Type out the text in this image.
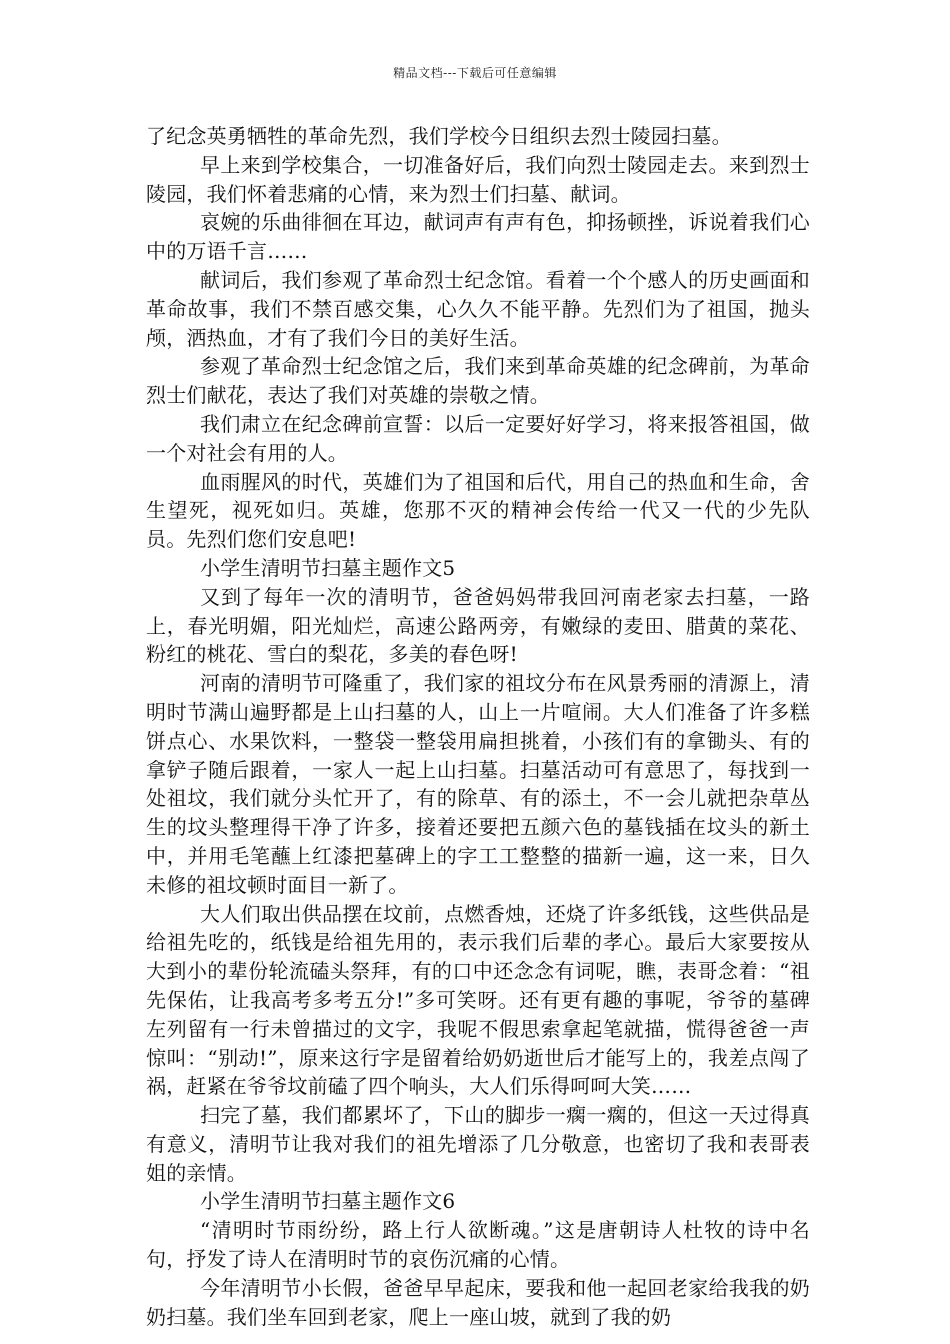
精品文档---下载后可任意编辑

了纪念英勇牺牲的革命先烈，我们学校今日组织去烈士陵园扫墓。

早上来到学校集合，一切准备好后，我们向烈士陵园走去。来到烈士陵园，我们怀着悲痛的心情，来为烈士们扫墓、献词。

哀婉的乐曲徘徊在耳边，献词声有声有色，抑扬顿挫，诉说着我们心中的万语千言……

献词后，我们参观了革命烈士纪念馆。看着一个个感人的历史画面和革命故事，我们不禁百感交集，心久久不能平静。先烈们为了祖国，抛头颅，洒热血，才有了我们今日的美好生活。

参观了革命烈士纪念馆之后，我们来到革命英雄的纪念碑前，为革命烈士们献花，表达了我们对英雄的崇敬之情。

我们肃立在纪念碑前宣誓：以后一定要好好学习，将来报答祖国，做一个对社会有用的人。

血雨腥风的时代，英雄们为了祖国和后代，用自己的热血和生命，舍生望死，视死如归。英雄，您那不灭的精神会传给一代又一代的少先队员。先烈们您们安息吧!

小学生清明节扫墓主题作文5

又到了每年一次的清明节，爸爸妈妈带我回河南老家去扫墓，一路上，春光明媚，阳光灿烂，高速公路两旁，有嫩绿的麦田、腊黄的菜花、粉红的桃花、雪白的梨花，多美的春色呀!

河南的清明节可隆重了，我们家的祖坟分布在风景秀丽的清源上，清明时节满山遍野都是上山扫墓的人，山上一片喧闹。大人们准备了许多糕饼点心、水果饮料，一整袋一整袋用扁担挑着，小孩们有的拿锄头、有的拿铲子随后跟着，一家人一起上山扫墓。扫墓活动可有意思了，每找到一处祖坟，我们就分头忙开了，有的除草、有的添土，不一会儿就把杂草丛生的坟头整理得干净了许多，接着还要把五颜六色的墓钱插在坟头的新土中，并用毛笔蘸上红漆把墓碑上的字工工整整的描新一遍，这一来，日久未修的祖坟顿时面目一新了。

大人们取出供品摆在坟前，点燃香烛，还烧了许多纸钱，这些供品是给祖先吃的，纸钱是给祖先用的，表示我们后辈的孝心。最后大家要按从大到小的辈份轮流磕头祭拜，有的口中还念念有词呢，瞧，表哥念着：“祖先保佑，让我高考多考五分!”多可笑呀。还有更有趣的事呢，爷爷的墓碑左列留有一行未曾描过的文字，我呢不假思索拿起笔就描，慌得爸爸一声惊叫：“别动!”，原来这行字是留着给奶奶逝世后才能写上的，我差点闯了祸，赶紧在爷爷坟前磕了四个响头，大人们乐得呵呵大笑……

扫完了墓，我们都累坏了，下山的脚步一瘸一瘸的，但这一天过得真有意义，清明节让我对我们的祖先增添了几分敬意，也密切了我和表哥表姐的亲情。

小学生清明节扫墓主题作文6

“清明时节雨纷纷，路上行人欲断魂。”这是唐朝诗人杜牧的诗中名句，抒发了诗人在清明时节的哀伤沉痛的心情。

今年清明节小长假，爸爸早早起床，要我和他一起回老家给我我的奶奶扫墓。我们坐车回到老家，爬上一座山坡，就到了我的奶
